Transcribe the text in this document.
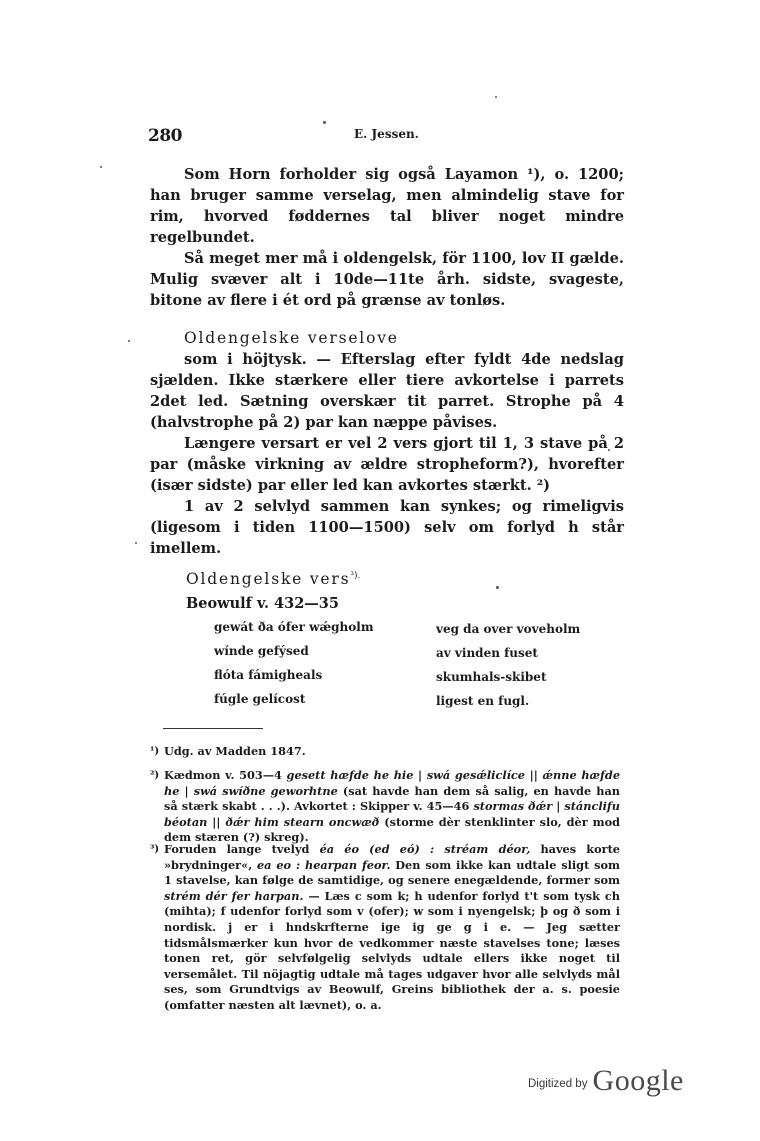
280	E. Jessen.

Som Horn forholder sig også Layamon ¹), o. 1200; han bruger samme verselag, men almindelig stave for rim, hvorved føddernes tal bliver noget mindre regelbundet.

Så meget mer må i oldengelsk, för 1100, lov II gælde. Mulig svæver alt i 10de—11te årh. sidste, svageste, bitone av flere i ét ord på grænse av tonløs.

Oldengelske verselove

som i höjtysk. — Efterslag efter fyldt 4de nedslag sjælden. Ikke stærkere eller tiere avkortelse i parrets 2det led. Sætning overskær tit parret. Strophe på 4 (halvstrophe på 2) par kan næppe påvises.

Længere versart er vel 2 vers gjort til 1, 3 stave på 2 par (måske virkning av ældre stropheform?), hvorefter (især sidste) par eller led kan avkortes stærkt. ²)

1 av 2 selvlyd sammen kan synkes; og rimeligvis (ligesom i tiden 1100—1500) selv om forlyd h står imellem.

Oldengelske vers$^{^3).}$
Beowulf v. 432—35
gewát ða ófer wǽgholm	veg da over voveholm
wínde gefýsed	av vinden fuset
flóta fámigheals	skumhals-skibet
fúgle gelícost	ligest en fugl.
¹) Udg. av Madden 1847.

²) Kædmon v. 503—4 gesett hæfde he hie | swá gesǽliclíce || ǽnne hæfde he | swá swíðne geworhtne (sat havde han dem så salig, en havde han så stærk skabt . . .). Avkortet : Skipper v. 45—46 stormas ðǽr | stánclifu béotan || ðǽr him stearn oncwæð (storme dèr stenklinter slo, dèr mod dem stæren (?) skreg).

³) Foruden lange tvelyd éa éo (ed eó) : stréam déor, haves korte »brydninger«, ea eo : hearpan feor. Den som ikke kan udtale sligt som 1 stavelse, kan følge de samtidige, og senere enegældende, former som strém dér fer harpan. — Læs c som k; h udenfor forlyd t't som tysk ch (mihta); f udenfor forlyd som v (ofer); w som i nyengelsk; þ og ð som i nordisk. j er i hndskrfterne ige ig ge g i e. — Jeg sætter tidsmålsmærker kun hvor de vedkommer næste stavelses tone; læses tonen ret, gör selvfølgelig selvlyds udtale ellers ikke noget til versemålet. Til nöjagtig udtale må tages udgaver hvor alle selvlyds mål ses, som Grundtvigs av Beowulf, Greins bibliothek der a. s. poesie (omfatter næsten alt lævnet), o. a.

Digitized by Google
